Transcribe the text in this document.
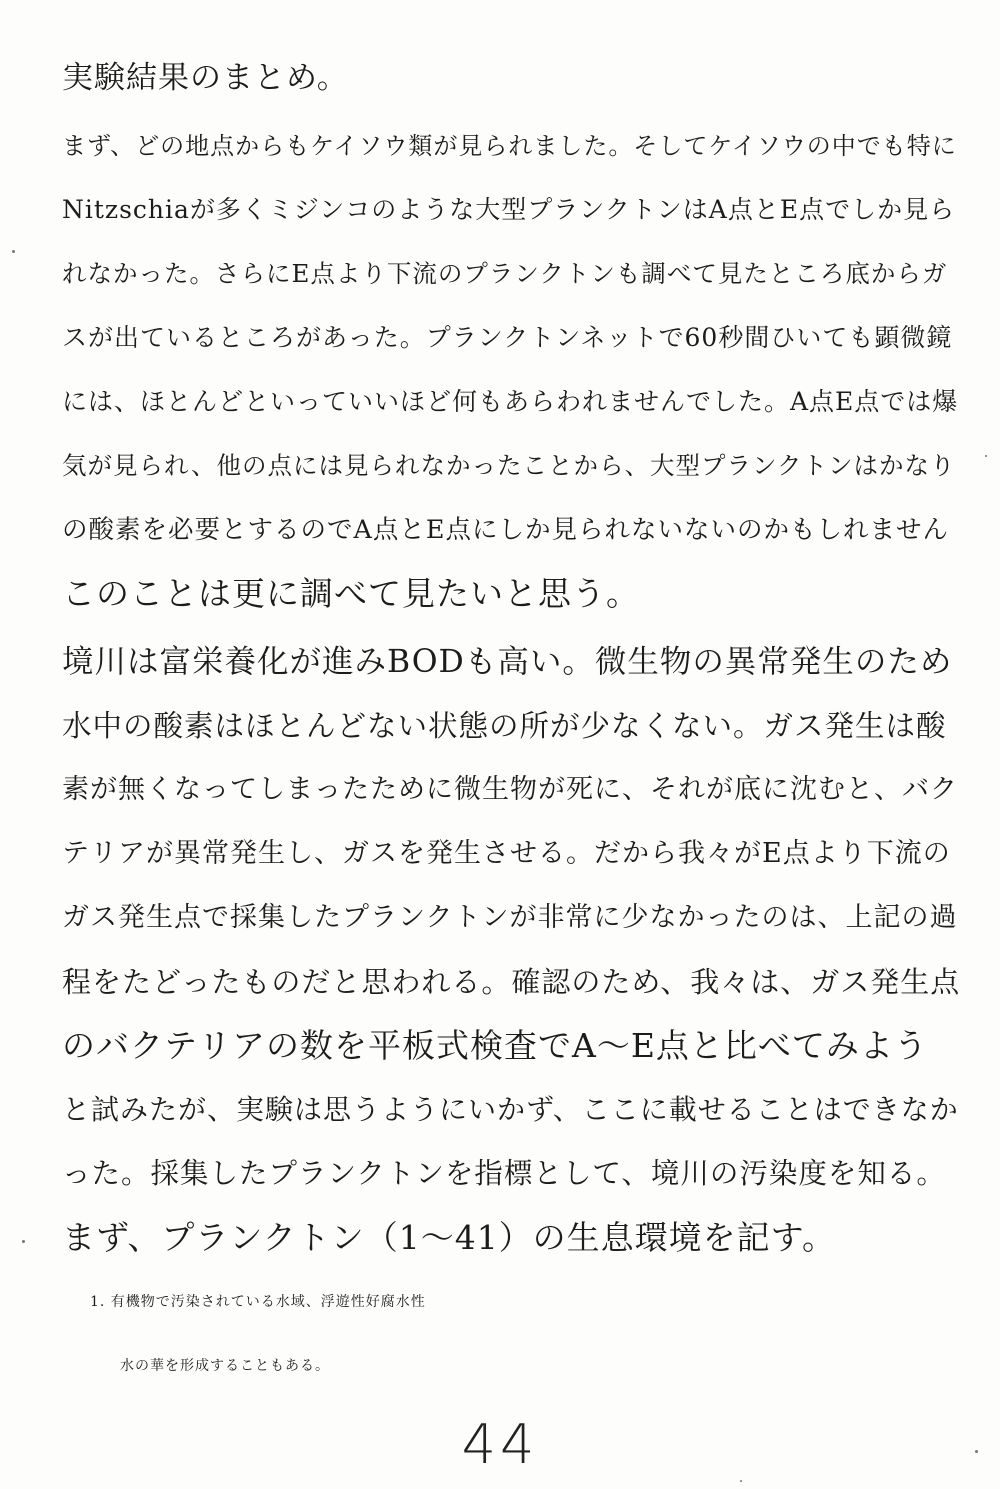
実験結果のまとめ。
まず、どの地点からもケイソウ類が見られました。そしてケイソウの中でも特に
Nitzschiaが多くミジンコのような大型プランクトンはA点とE点でしか見ら
れなかった。さらにE点より下流のプランクトンも調べて見たところ底からガ
スが出ているところがあった。プランクトンネットで60秒間ひいても顕微鏡
には、ほとんどといっていいほど何もあらわれませんでした。A点E点では爆
気が見られ、他の点には見られなかったことから、大型プランクトンはかなり
の酸素を必要とするのでA点とE点にしか見られないないのかもしれません
このことは更に調べて見たいと思う。
境川は富栄養化が進みBODも高い。微生物の異常発生のため
水中の酸素はほとんどない状態の所が少なくない。ガス発生は酸
素が無くなってしまったために微生物が死に、それが底に沈むと、バク
テリアが異常発生し、ガスを発生させる。だから我々がE点より下流の
ガス発生点で採集したプランクトンが非常に少なかったのは、上記の過
程をたどったものだと思われる。確認のため、我々は、ガス発生点
のバクテリアの数を平板式検査でA～E点と比べてみよう
と試みたが、実験は思うようにいかず、ここに載せることはできなか
った。採集したプランクトンを指標として、境川の汚染度を知る。
まず、プランクトン（1～41）の生息環境を記す。
1. 有機物で汚染されている水域、浮遊性好腐水性
水の華を形成することもある。
44
